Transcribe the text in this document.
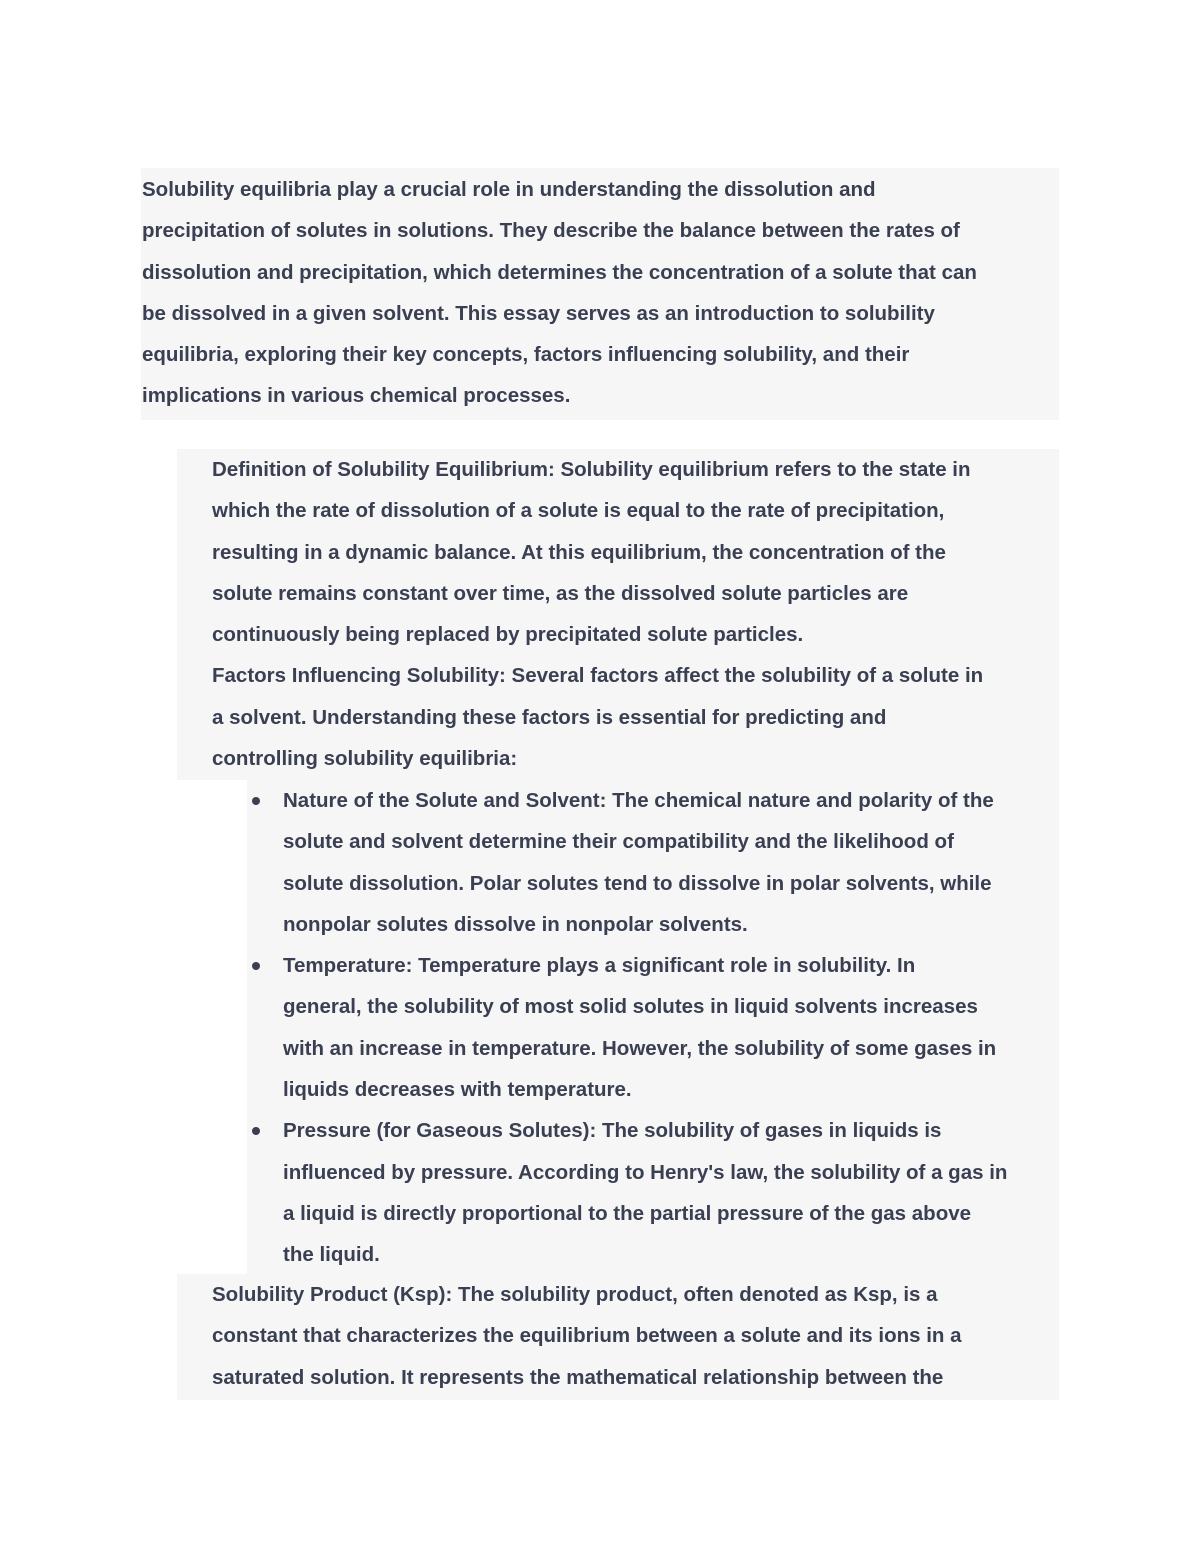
Solubility equilibria play a crucial role in understanding the dissolution and
precipitation of solutes in solutions. They describe the balance between the rates of
dissolution and precipitation, which determines the concentration of a solute that can
be dissolved in a given solvent. This essay serves as an introduction to solubility
equilibria, exploring their key concepts, factors influencing solubility, and their
implications in various chemical processes.
Definition of Solubility Equilibrium: Solubility equilibrium refers to the state in
which the rate of dissolution of a solute is equal to the rate of precipitation,
resulting in a dynamic balance. At this equilibrium, the concentration of the
solute remains constant over time, as the dissolved solute particles are
continuously being replaced by precipitated solute particles.
Factors Influencing Solubility: Several factors affect the solubility of a solute in
a solvent. Understanding these factors is essential for predicting and
controlling solubility equilibria:
Nature of the Solute and Solvent: The chemical nature and polarity of the
solute and solvent determine their compatibility and the likelihood of
solute dissolution. Polar solutes tend to dissolve in polar solvents, while
nonpolar solutes dissolve in nonpolar solvents.
Temperature: Temperature plays a significant role in solubility. In
general, the solubility of most solid solutes in liquid solvents increases
with an increase in temperature. However, the solubility of some gases in
liquids decreases with temperature.
Pressure (for Gaseous Solutes): The solubility of gases in liquids is
influenced by pressure. According to Henry's law, the solubility of a gas in
a liquid is directly proportional to the partial pressure of the gas above
the liquid.
Solubility Product (Ksp): The solubility product, often denoted as Ksp, is a
constant that characterizes the equilibrium between a solute and its ions in a
saturated solution. It represents the mathematical relationship between the
